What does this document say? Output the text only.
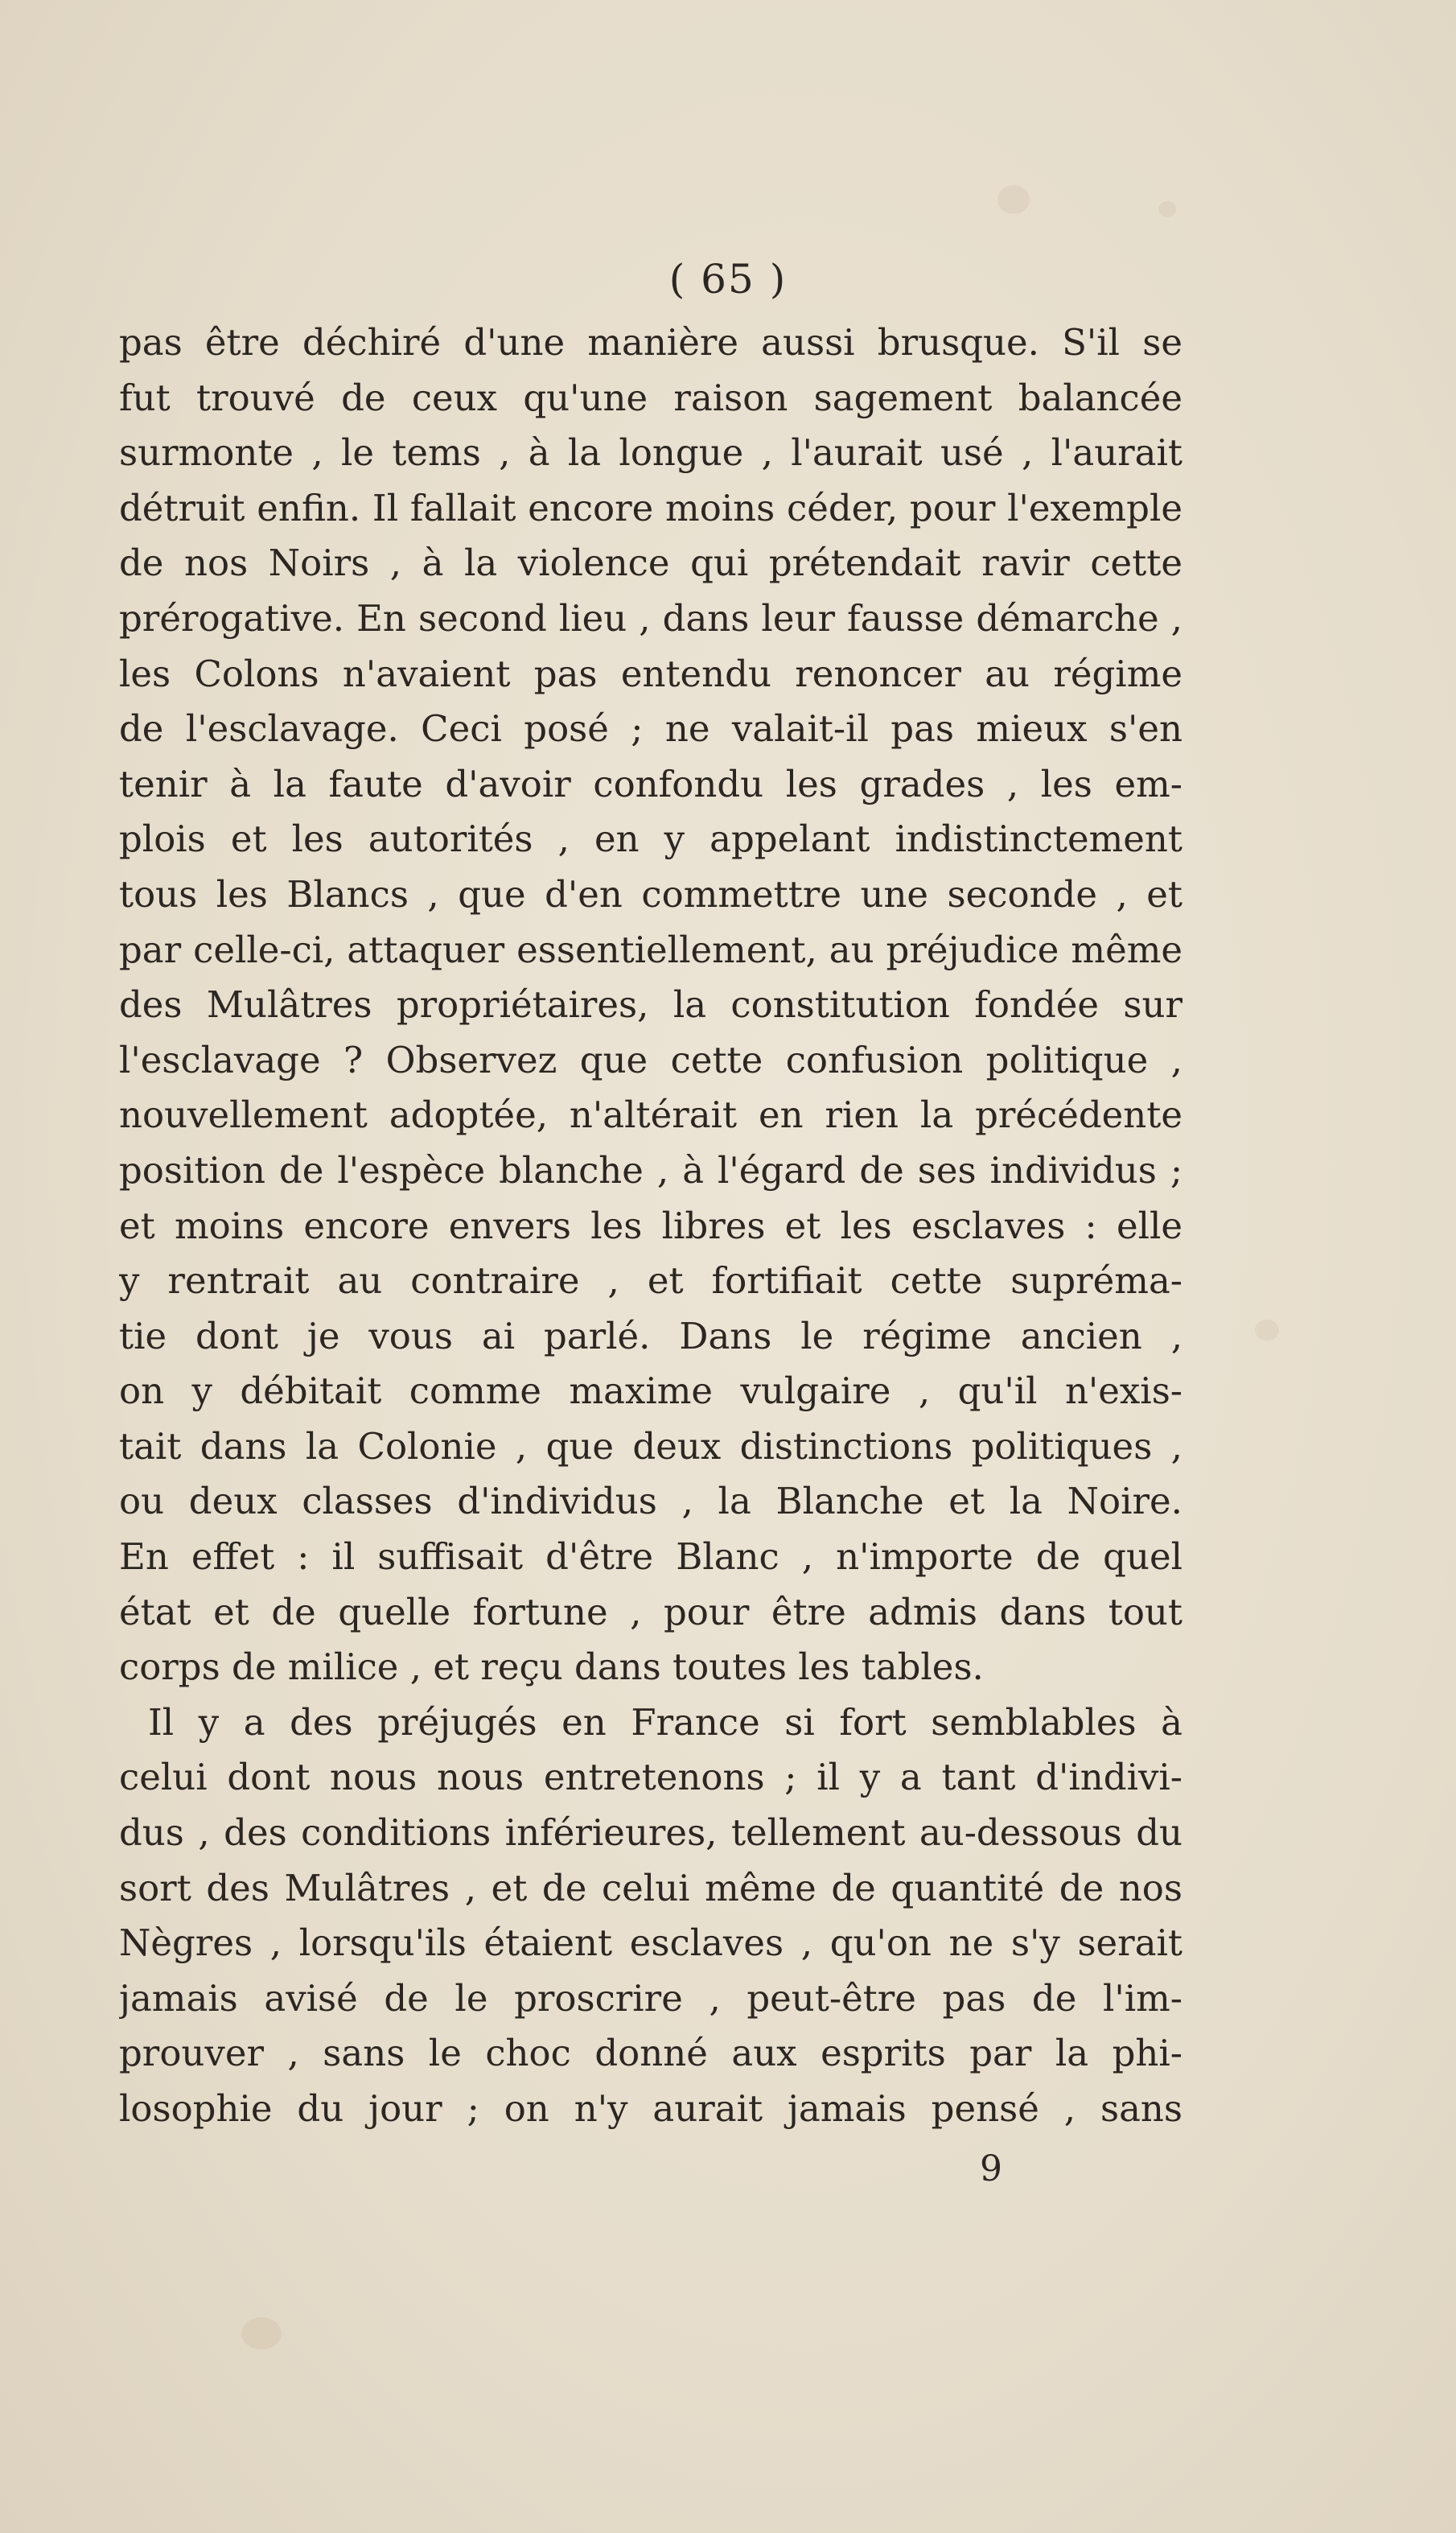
( 65 )
pas être déchiré d'une manière aussi brusque. S'il se
fut trouvé de ceux qu'une raison sagement balancée
surmonte , le tems , à la longue , l'aurait usé , l'aurait
détruit enfin. Il fallait encore moins céder, pour l'exemple
de nos Noirs , à la violence qui prétendait ravir cette
prérogative. En second lieu , dans leur fausse démarche ,
les Colons n'avaient pas entendu renoncer au régime
de l'esclavage. Ceci posé ; ne valait-il pas mieux s'en
tenir à la faute d'avoir confondu les grades , les em-
plois et les autorités , en y appelant indistinctement
tous les Blancs , que d'en commettre une seconde , et
par celle-ci, attaquer essentiellement, au préjudice même
des Mulâtres propriétaires, la constitution fondée sur
l'esclavage ? Observez que cette confusion politique ,
nouvellement adoptée, n'altérait en rien la précédente
position de l'espèce blanche , à l'égard de ses individus ;
et moins encore envers les libres et les esclaves : elle
y rentrait au contraire , et fortifiait cette supréma-
tie dont je vous ai parlé. Dans le régime ancien ,
on y débitait comme maxime vulgaire , qu'il n'exis-
tait dans la Colonie , que deux distinctions politiques ,
ou deux classes d'individus , la Blanche et la Noire.
En effet : il suffisait d'être Blanc , n'importe de quel
état et de quelle fortune , pour être admis dans tout
corps de milice , et reçu dans toutes les tables.
Il y a des préjugés en France si fort semblables à
celui dont nous nous entretenons ; il y a tant d'indivi-
dus , des conditions inférieures, tellement au-dessous du
sort des Mulâtres , et de celui même de quantité de nos
Nègres , lorsqu'ils étaient esclaves , qu'on ne s'y serait
jamais avisé de le proscrire , peut-être pas de l'im-
prouver , sans le choc donné aux esprits par la phi-
losophie du jour ; on n'y aurait jamais pensé , sans
9
